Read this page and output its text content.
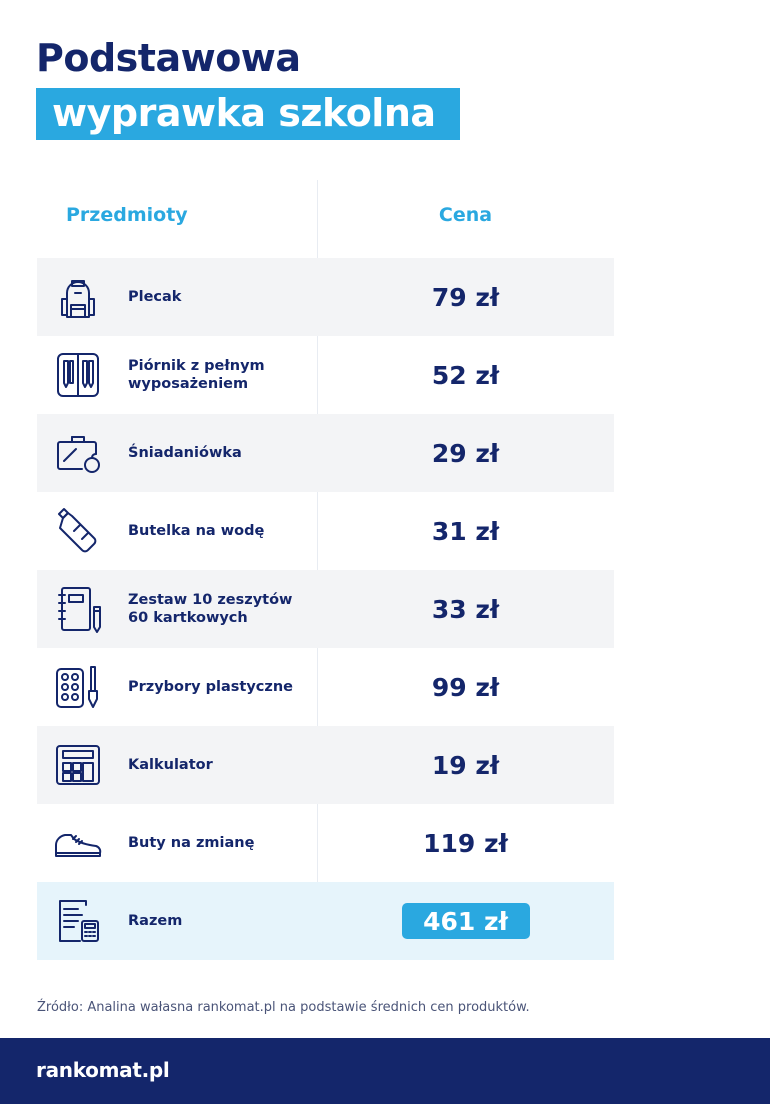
Podstawowa
wyprawka szkolna
Przedmioty	Cena
Plecak	79 zł
Piórnik z pełnym wyposażeniem	52 zł
Śniadaniówka	29 zł
Butelka na wodę	31 zł
Zestaw 10 zeszytów 60 kartkowych	33 zł
Przybory plastyczne	99 zł
Kalkulator	19 zł
Buty na zmianę	119 zł
Razem	461 zł
Źródło: Analina wałasna rankomat.pl na podstawie średnich cen produktów.
rankomat.pl
